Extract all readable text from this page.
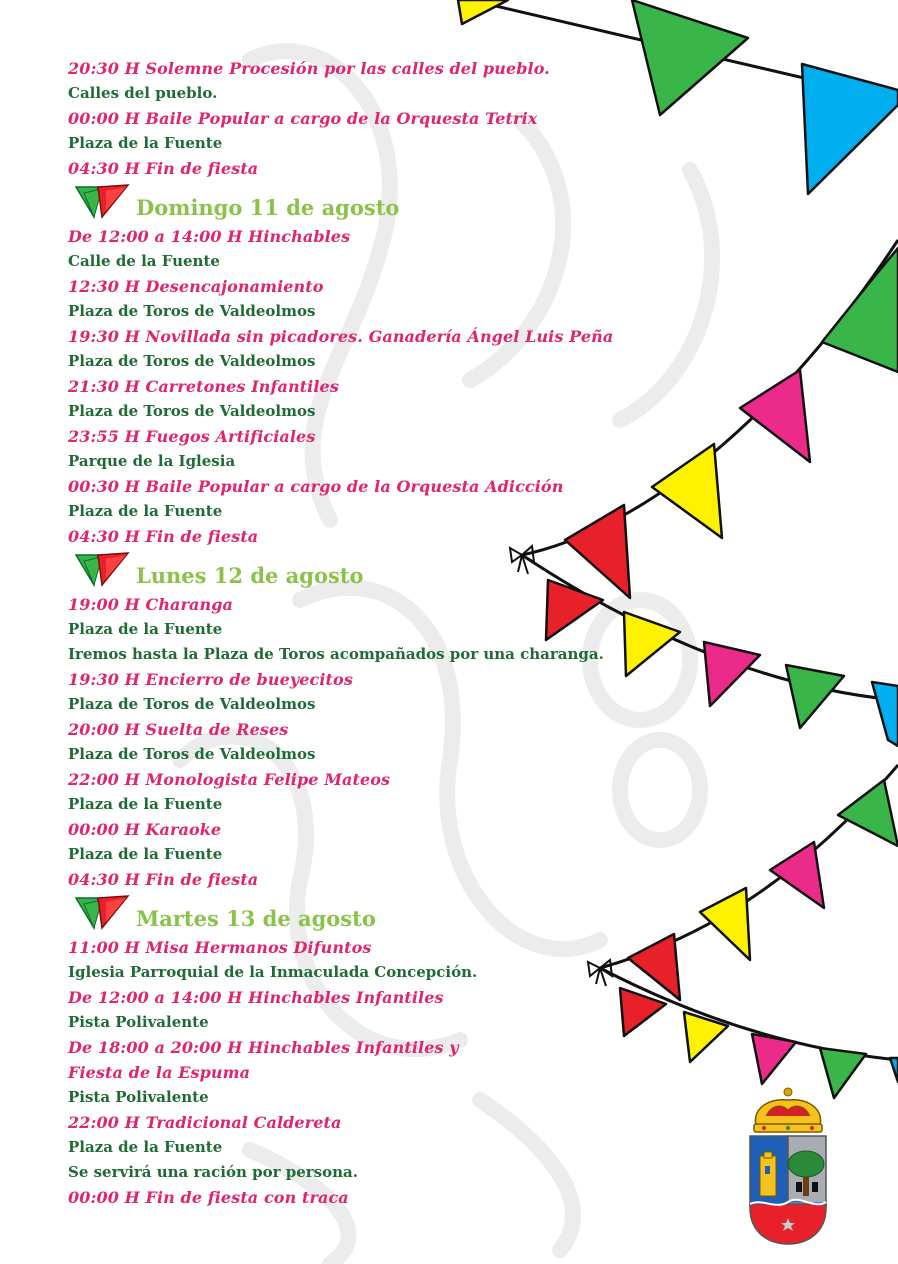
20:30 H Solemne Procesión por las calles del pueblo.
Calles del pueblo.
00:00 H Baile Popular a cargo de la Orquesta Tetrix
Plaza de la Fuente
04:30 H Fin de fiesta
Domingo 11 de agosto
De 12:00 a 14:00 H Hinchables
Calle de la Fuente
12:30 H Desencajonamiento
Plaza de Toros de Valdeolmos
19:30 H Novillada sin picadores. Ganadería Ángel Luis Peña
Plaza de Toros de Valdeolmos
21:30 H Carretones Infantiles
Plaza de Toros de Valdeolmos
23:55 H Fuegos Artificiales
Parque de la Iglesia
00:30 H Baile Popular a cargo de la Orquesta Adicción
Plaza de la Fuente
04:30 H Fin de fiesta
Lunes 12 de agosto
19:00 H Charanga
Plaza de la Fuente
Iremos hasta la Plaza de Toros acompañados por una charanga.
19:30 H Encierro de bueyecitos
Plaza de Toros de Valdeolmos
20:00 H Suelta de Reses
Plaza de Toros de Valdeolmos
22:00 H Monologista Felipe Mateos
Plaza de la Fuente
00:00 H Karaoke
Plaza de la Fuente
04:30 H Fin de fiesta
Martes 13 de agosto
11:00 H Misa Hermanos Difuntos
Iglesia Parroquial de la Inmaculada Concepción.
De 12:00 a 14:00 H Hinchables Infantiles
Pista Polivalente
De 18:00 a 20:00 H Hinchables Infantiles y
Fiesta de la Espuma
Pista Polivalente
22:00 H Tradicional Caldereta
Plaza de la Fuente
Se servirá una ración por persona.
00:00 H Fin de fiesta con traca
